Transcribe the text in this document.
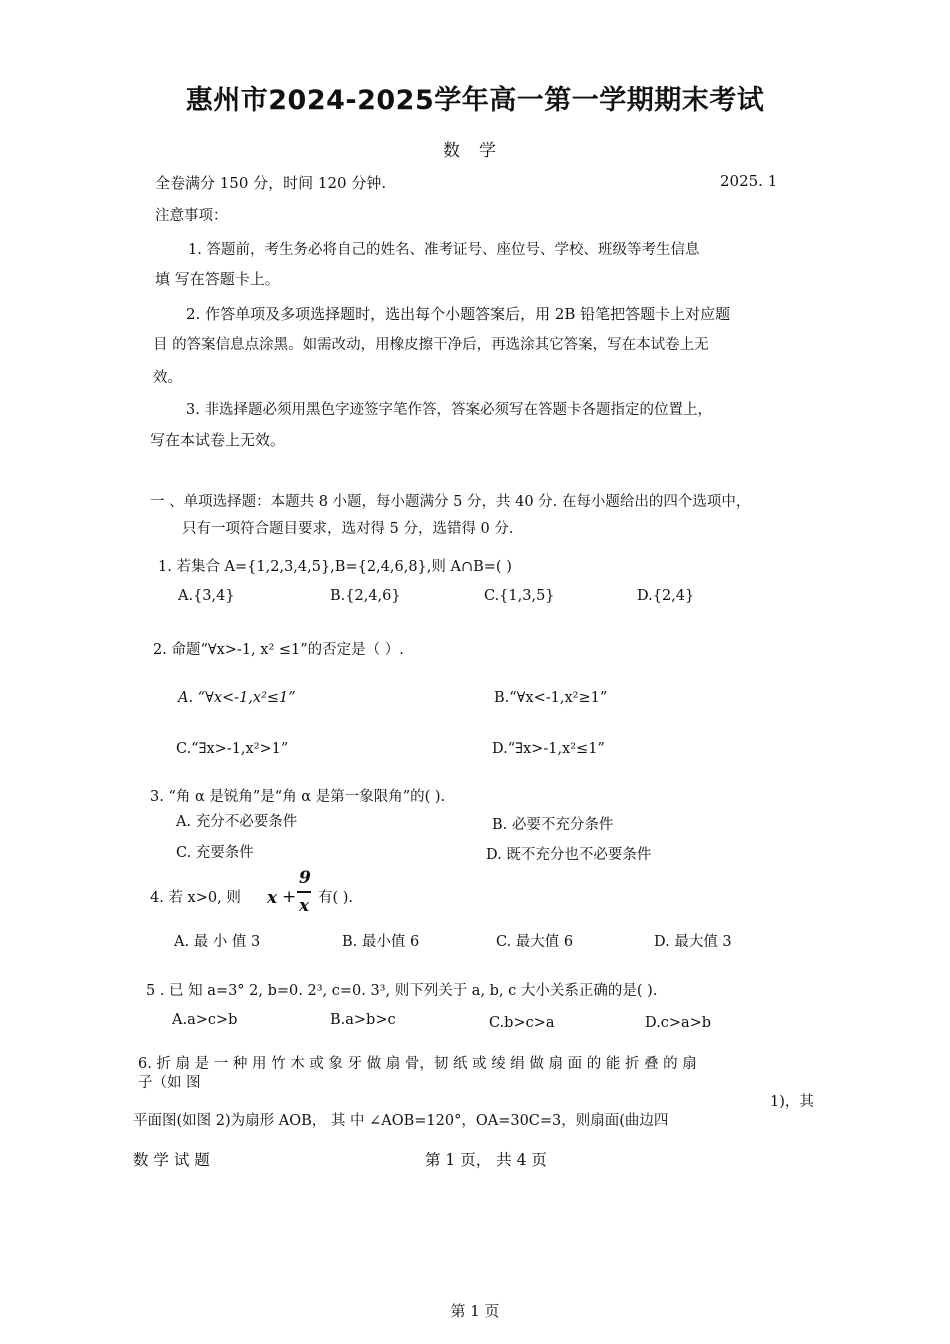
惠州市2024-2025学年高一第一学期期末考试
数　学
全卷满分 150 分，时间 120 分钟.	2025. 1
注意事项：
1. 答题前，考生务必将自己的姓名、准考证号、座位号、学校、班级等考生信息
填 写在答题卡上。
2. 作答单项及多项选择题时，选出每个小题答案后，用 2B 铅笔把答题卡上对应题
目 的答案信息点涂黑。如需改动，用橡皮擦干净后，再选涂其它答案，写在本试卷上无
效。
3. 非选择题必须用黑色字迹签字笔作答，答案必须写在答题卡各题指定的位置上，
写在本试卷上无效。
一 、单项选择题：本题共 8 小题，每小题满分 5 分，共 40 分. 在每小题给出的四个选项中，
只有一项符合题目要求，选对得 5 分，选错得 0 分.
1. 若集合 A={1,2,3,4,5},B={2,4,6,8},则 A∩B=( )
A.{3,4}	B.{2,4,6}	C.{1,3,5}	D.{2,4}
2. 命题“∀x>-1, x² ≤1”的否定是（ ）.
A. “∀x<-1,x²≤1”	B.“∀x<-1,x²≥1”
C.“∃x>-1,x²>1”	D.“∃x>-1,x²≤1”
3. “角 α 是锐角”是“角 α 是第一象限角”的( ).
A. 充分不必要条件	B. 必要不充分条件
C. 充要条件	D. 既不充分也不必要条件
4. 若 x>0, 则 x +
9
x 有( ).
A. 最 小 值 3	B. 最小值 6	C. 最大值 6	D. 最大值 3
5 . 已 知 a=3° 2, b=0. 2³, c=0. 3³, 则下列关于 a, b, c 大小关系正确的是( ).
A.a>c>b	B.a>b>c	C.b>c>a	D.c>a>b
6. 折 扇 是 一 种 用 竹 木 或 象 牙 做 扇 骨，韧 纸 或 绫 绢 做 扇 面 的 能 折 叠 的 扇
子（如 图
1)，其
平面图(如图 2)为扇形 AOB， 其 中 ∠AOB=120°，OA=30C=3，则扇面(曲边四
数 学 试 题	第 1 页， 共 4 页
第 1 页
